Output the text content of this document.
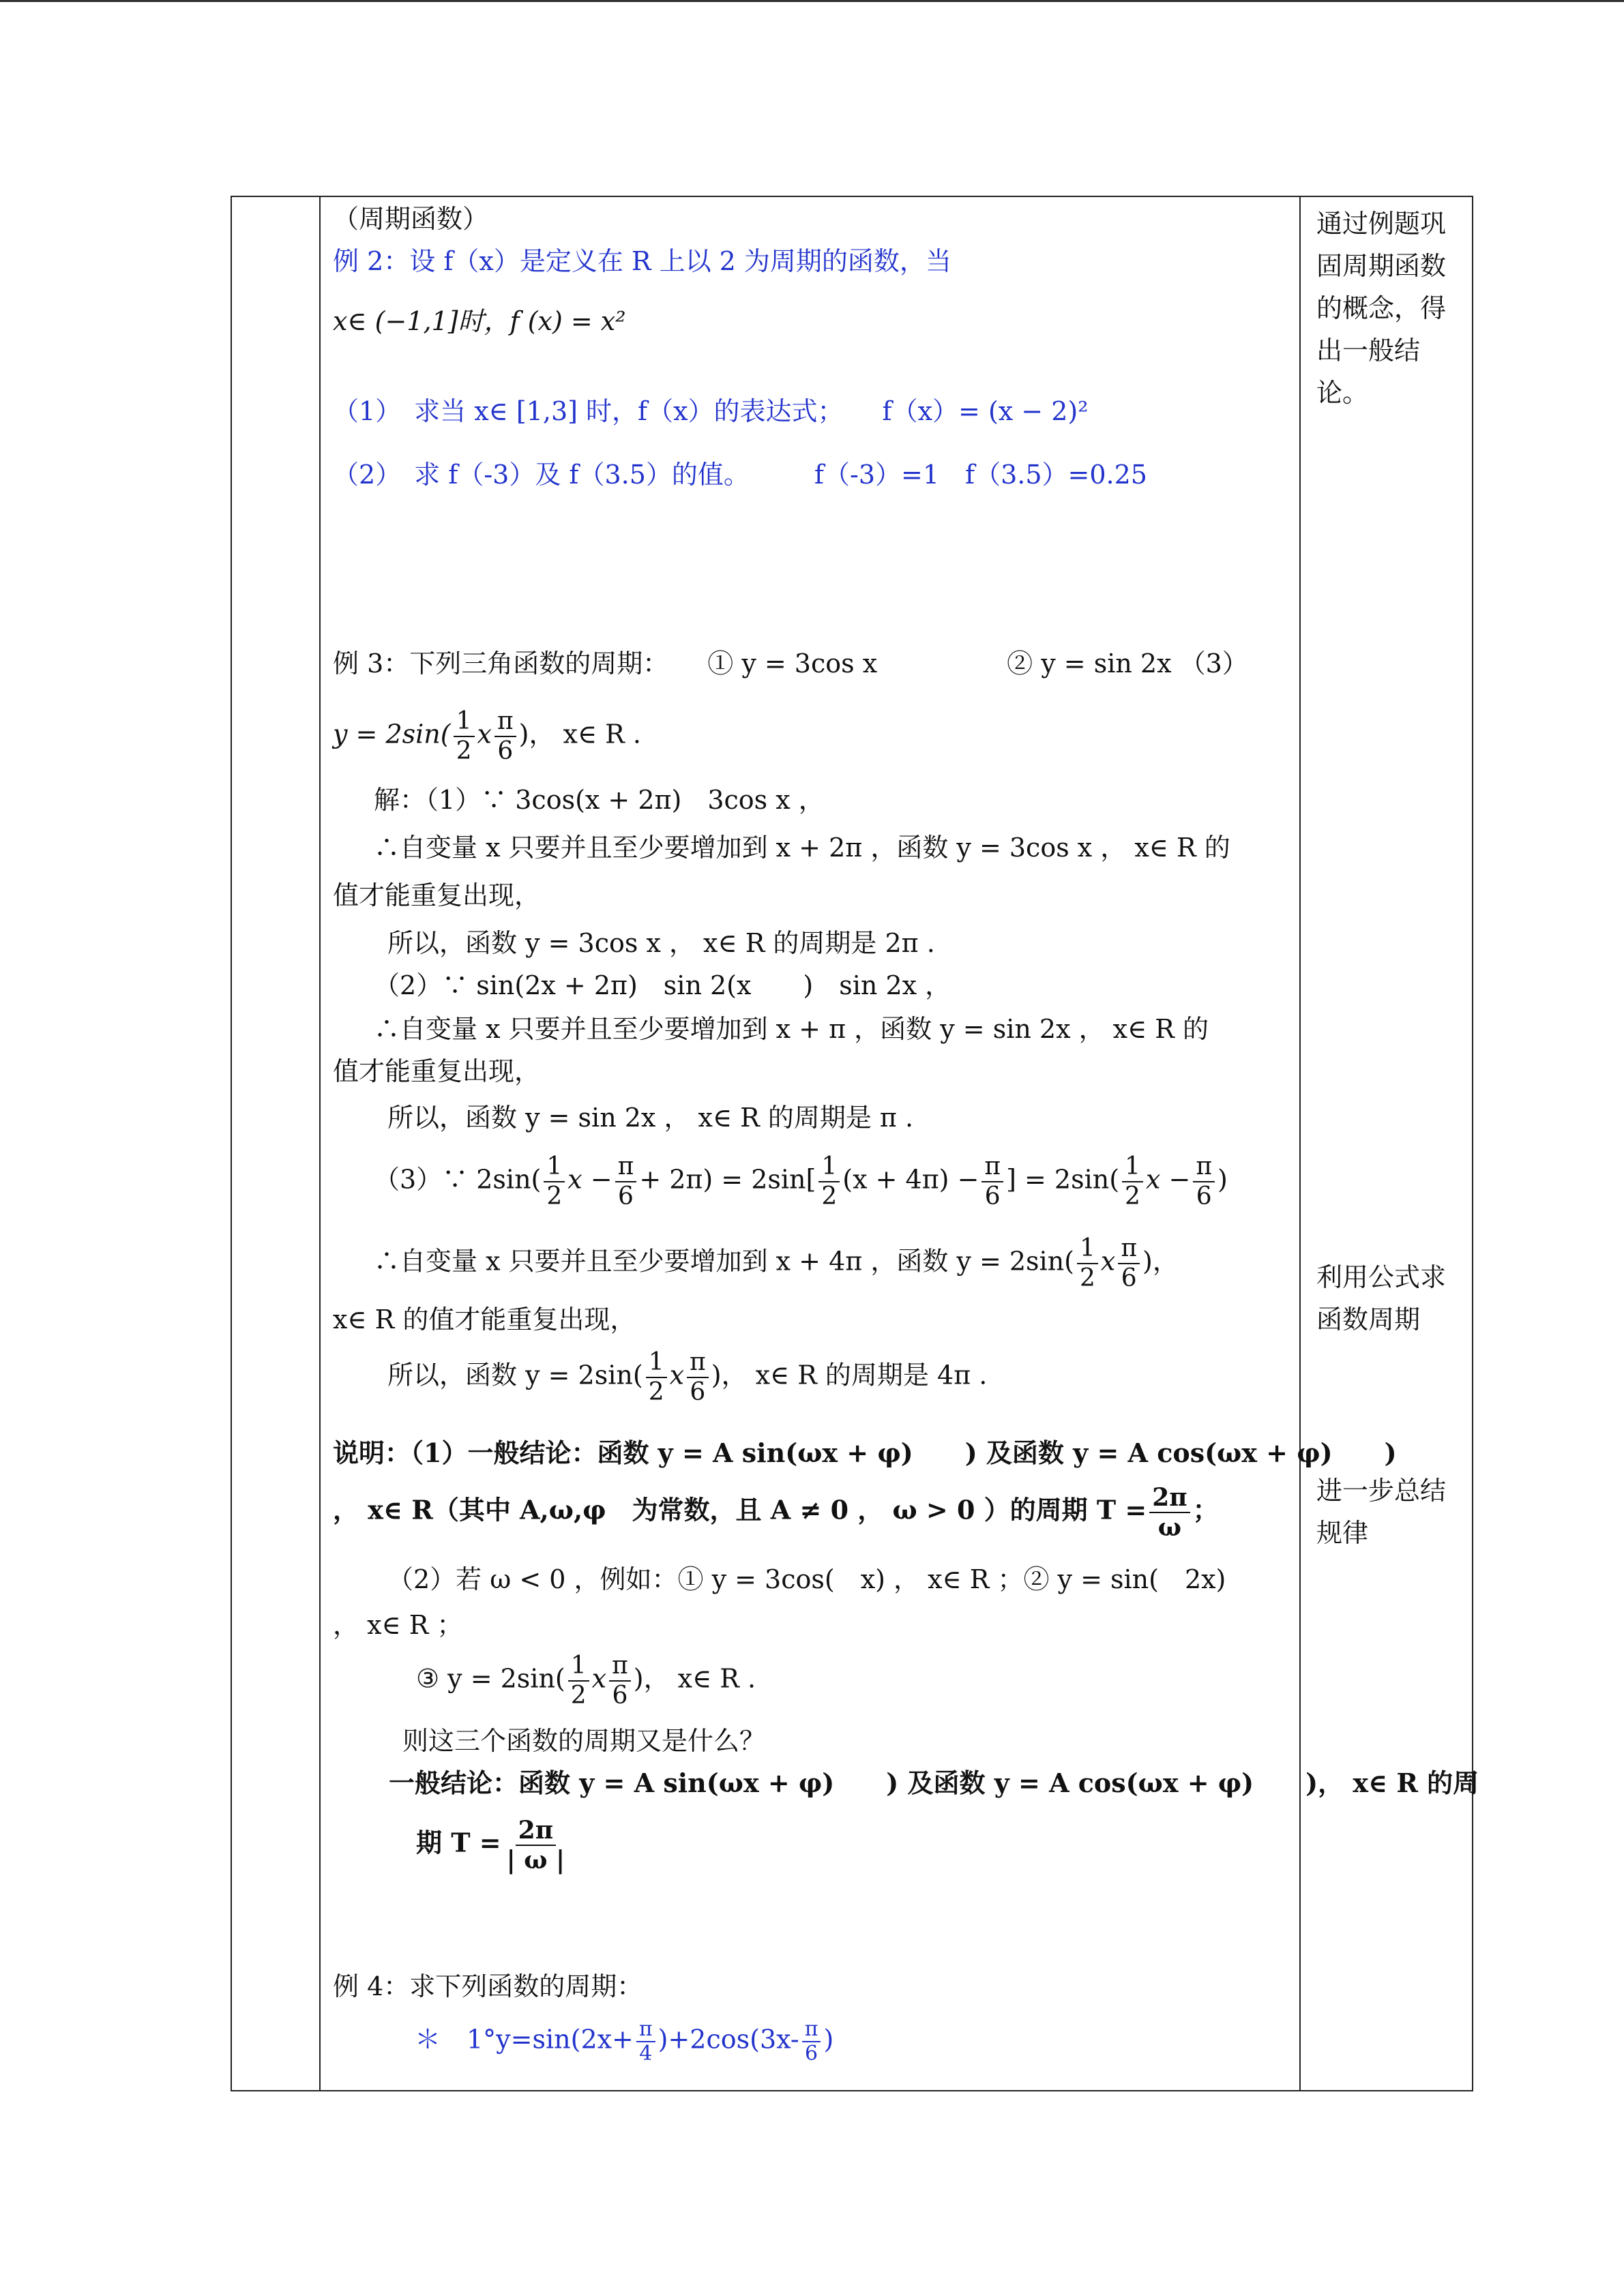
（周期函数）
例 2：设 f（x）是定义在 R 上以 2 为周期的函数，当
x∈ (−1,1]时，f (x) = x²
（1）　求当 x∈ [1,3] 时，f（x）的表达式；　　f（x）= (x − 2)²
（2）　求 f（-3）及 f（3.5）的值。　　　f（-3）=1　f（3.5）=0.25
例 3：下列三角函数的周期：　　① y = 3cos x　　　　　② y = sin 2x （3）
$y = 2\sin( \frac{1}{2}$ x $\frac{\pi}{6}$ )， x∈ R .
解：（1）∵ 3cos(x + 2π)　3cos x ，
∴自变量 x 只要并且至少要增加到 x + 2π ，函数 y = 3cos x ， x∈ R 的
值才能重复出现，
所以，函数 y = 3cos x ， x∈ R 的周期是 2π .
（2）∵ sin(2x + 2π)　sin 2(x　　)　sin 2x ，
∴自变量 x 只要并且至少要增加到 x + π ，函数 y = sin 2x ， x∈ R 的
值才能重复出现，
所以，函数 y = sin 2x ， x∈ R 的周期是 π .
（3）∵ $2\sin( \frac{1}{2}$ $x - \frac{\pi}{6} + 2\pi) = 2\sin[ \frac{1}{2} (x + 4\pi) - \frac{\pi}{6}$ ] = $2\sin( \frac{1}{2}$ $x - \frac{\pi}{6}$ )
∴自变量 x 只要并且至少要增加到 x + 4π ，函数 $y = 2\sin( \frac{1}{2}$ x $\frac{\pi}{6}$ )，
x∈ R 的值才能重复出现，
所以，函数 $y = 2\sin( \frac{1}{2}$ x $\frac{\pi}{6}$ )， x∈ R 的周期是 4π .
说明：（1）一般结论：函数 y = A sin(ωx + φ)　　) 及函数 y = A cos(ωx + φ)　　)
， x∈ R（其中 A,ω,φ　为常数，且 A ≠ 0 ， ω > 0 ）的周期 $T = \frac{2\pi}{\omega}$ ；
（2）若 ω < 0 ，例如：① y = 3cos(　x) ， x∈ R ；② y = sin(　2x)
， x∈ R ；
③ $y = 2\sin( \frac{1}{2}$ x $\frac{\pi}{6}$ )， x∈ R .
则这三个函数的周期又是什么？
一般结论：函数 y = A sin(ωx + φ)　　) 及函数 y = A cos(ωx + φ)　　)， x∈ R 的周
期 $T = \frac{2\pi}{| \omega |}$
例 4：求下列函数的周期：
＊　$1^\circ y=\sin(2x+ \frac{\pi}{4} )+2\cos(3x- \frac{\pi}{6}$ )
通过例题巩固周期函数的概念，得出一般结论。
利用公式求函数周期
进一步总结规律
